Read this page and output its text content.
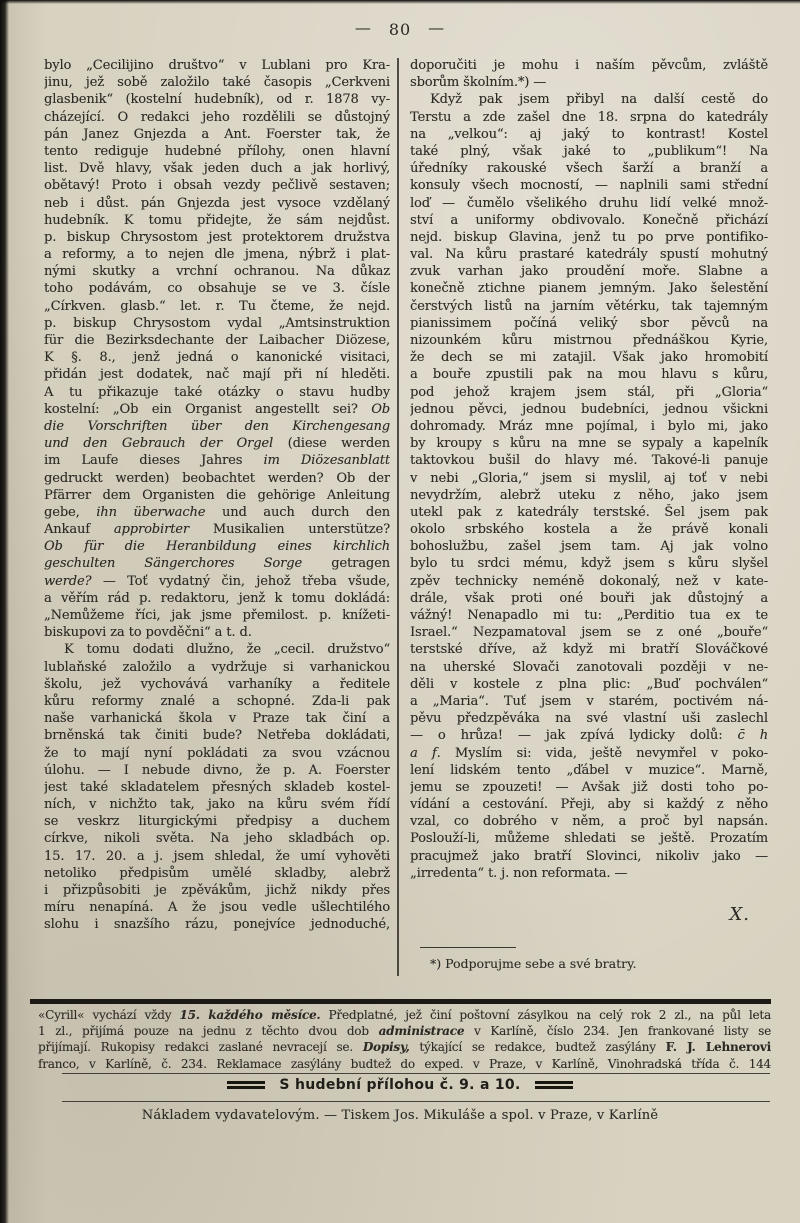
— 80 —
bylo „Cecilijino društvo“ v Lublani pro Kra-
jinu, jež sobě založilo také časopis „Cerkveni
glasbenik“ (kostelní hudebník), od r. 1878 vy-
cházející. O redakci jeho rozdělili se důstojný
pán Janez Gnjezda a Ant. Foerster tak, že
tento rediguje hudebné přílohy, onen hlavní
list. Dvě hlavy, však jeden duch a jak horlivý,
obětavý! Proto i obsah vezdy pečlivě sestaven;
neb i důst. pán Gnjezda jest vysoce vzdělaný
hudebník. K tomu přidejte, že sám nejdůst.
p. biskup Chrysostom jest protektorem družstva
a reformy, a to nejen dle jmena, nýbrž i plat-
nými skutky a vrchní ochranou. Na důkaz
toho podávám, co obsahuje se ve 3. čísle
„Církven. glasb.“ let. r. Tu čteme, že nejd.
p. biskup Chrysostom vydal „Amtsinstruktion
für die Bezirksdechante der Laibacher Diözese,
K §. 8., jenž jedná o kanonické visitaci,
přidán jest dodatek, nač mají při ní hleděti.
A tu přikazuje také otázky o stavu hudby
kostelní: „Ob ein Organist angestellt sei? Ob
die Vorschriften über den Kirchengesang
und den Gebrauch der Orgel (diese werden
im Laufe dieses Jahres im Diözesanblatt
gedruckt werden) beobachtet werden? Ob der
Pfärrer dem Organisten die gehörige Anleitung
gebe, ihn überwache und auch durch den
Ankauf approbirter Musikalien unterstütze?
Ob für die Heranbildung eines kirchlich
geschulten Sängerchores Sorge getragen
werde? — Toť vydatný čin, jehož třeba všude,
a věřím rád p. redaktoru, jenž k tomu dokládá:
„Nemůžeme říci, jak jsme přemilost. p. knížeti-
biskupovi za to povděčni“ a t. d.
K tomu dodati dlužno, že „cecil. družstvo“
lublaňské založilo a vydržuje si varhanickou
školu, jež vychovává varhaníky a ředitele
kůru reformy znalé a schopné. Zda-li pak
naše varhanická škola v Praze tak činí a
brněnská tak činiti bude? Netřeba dokládati,
že to mají nyní pokládati za svou vzácnou
úlohu. — I nebude divno, že p. A. Foerster
jest také skladatelem přesných skladeb kostel-
ních, v nichžto tak, jako na kůru svém řídí
se veskrz liturgickými předpisy a duchem
církve, nikoli světa. Na jeho skladbách op.
15. 17. 20. a j. jsem shledal, že umí vyhověti
netoliko předpisům umělé skladby, alebrž
i přizpůsobiti je zpěvákům, jichž nikdy přes
míru nenapíná. A že jsou vedle ušlechtilého
slohu i snazšího rázu, ponejvíce jednoduché,
doporučiti je mohu i naším pěvcům, zvláště
sborům školním.*) —
Když pak jsem přibyl na další cestě do
Terstu a zde zašel dne 18. srpna do katedrály
na „velkou“: aj jaký to kontrast! Kostel
také plný, však jaké to „publikum“! Na
úředníky rakouské všech šarží a branží a
konsuly všech mocností, — naplnili sami střední
loď — čumělo všelikého druhu lidí velké množ-
ství a uniformy obdivovalo. Konečně přichází
nejd. biskup Glavina, jenž tu po prve pontifiko-
val. Na kůru prastaré katedrály spustí mohutný
zvuk varhan jako proudění moře. Slabne a
konečně ztichne pianem jemným. Jako šelestění
čerstvých listů na jarním větérku, tak tajemným
pianissimem počíná veliký sbor pěvců na
nizounkém kůru mistrnou přednáškou Kyrie,
že dech se mi zatajil. Však jako hromobití
a bouře zpustili pak na mou hlavu s kůru,
pod jehož krajem jsem stál, při „Gloria“
jednou pěvci, jednou budebníci, jednou všickni
dohromady. Mráz mne pojímal, i bylo mi, jako
by kroupy s kůru na mne se sypaly a kapelník
taktovkou bušil do hlavy mé. Takové-li panuje
v nebi „Gloria,“ jsem si myslil, aj toť v nebi
nevydržím, alebrž uteku z něho, jako jsem
utekl pak z katedrály terstské. Šel jsem pak
okolo srbského kostela a že právě konali
bohoslužbu, zašel jsem tam. Aj jak volno
bylo tu srdci mému, když jsem s kůru slyšel
zpěv technicky neméně dokonalý, než v kate-
drále, však proti oné bouři jak důstojný a
vážný! Nenapadlo mi tu: „Perditio tua ex te
Israel.“ Nezpamatoval jsem se z oné „bouře“
terstské dříve, až když mi bratří Slováčkové
na uherské Slovači zanotovali později v ne-
děli v kostele z plna plic: „Buď pochválen“
a „Maria“. Tuť jsem v starém, poctivém ná-
pěvu předzpěváka na své vlastní uši zaslechl
— o hrůza! — jak zpívá lydicky dolů: c̄ h
a f. Myslím si: vida, ještě nevymřel v poko-
lení lidském tento „ďábel v muzice“. Marně,
jemu se zpouzeti! — Avšak již dosti toho po-
vídání a cestování. Přeji, aby si každý z něho
vzal, co dobrého v něm, a proč byl napsán.
Poslouží-li, můžeme shledati se ještě. Prozatím
pracujmež jako bratří Slovinci, nikoliv jako —
„irredenta“ t. j. non reformata. —
X.
*) Podporujme sebe a své bratry.
«Cyrill« vychází vždy 15. každého měsíce. Předplatné, jež činí poštovní zásylkou na celý rok 2 zl., na půl leta
1 zl., přijímá pouze na jednu z těchto dvou dob administrace v Karlíně, číslo 234. Jen frankované listy se
přijímají. Rukopisy redakci zaslané nevracejí se. Dopisy, týkající se redakce, budtež zasýlány F. J. Lehnerovi
franco, v Karlíně, č. 234. Reklamace zasýlány budtež do exped. v Praze, v Karlíně, Vinohradská třída č. 144
S hudební přílohou č. 9. a 10.
Nákladem vydavatelovým. — Tiskem Jos. Mikuláše a spol. v Praze, v Karlíně
